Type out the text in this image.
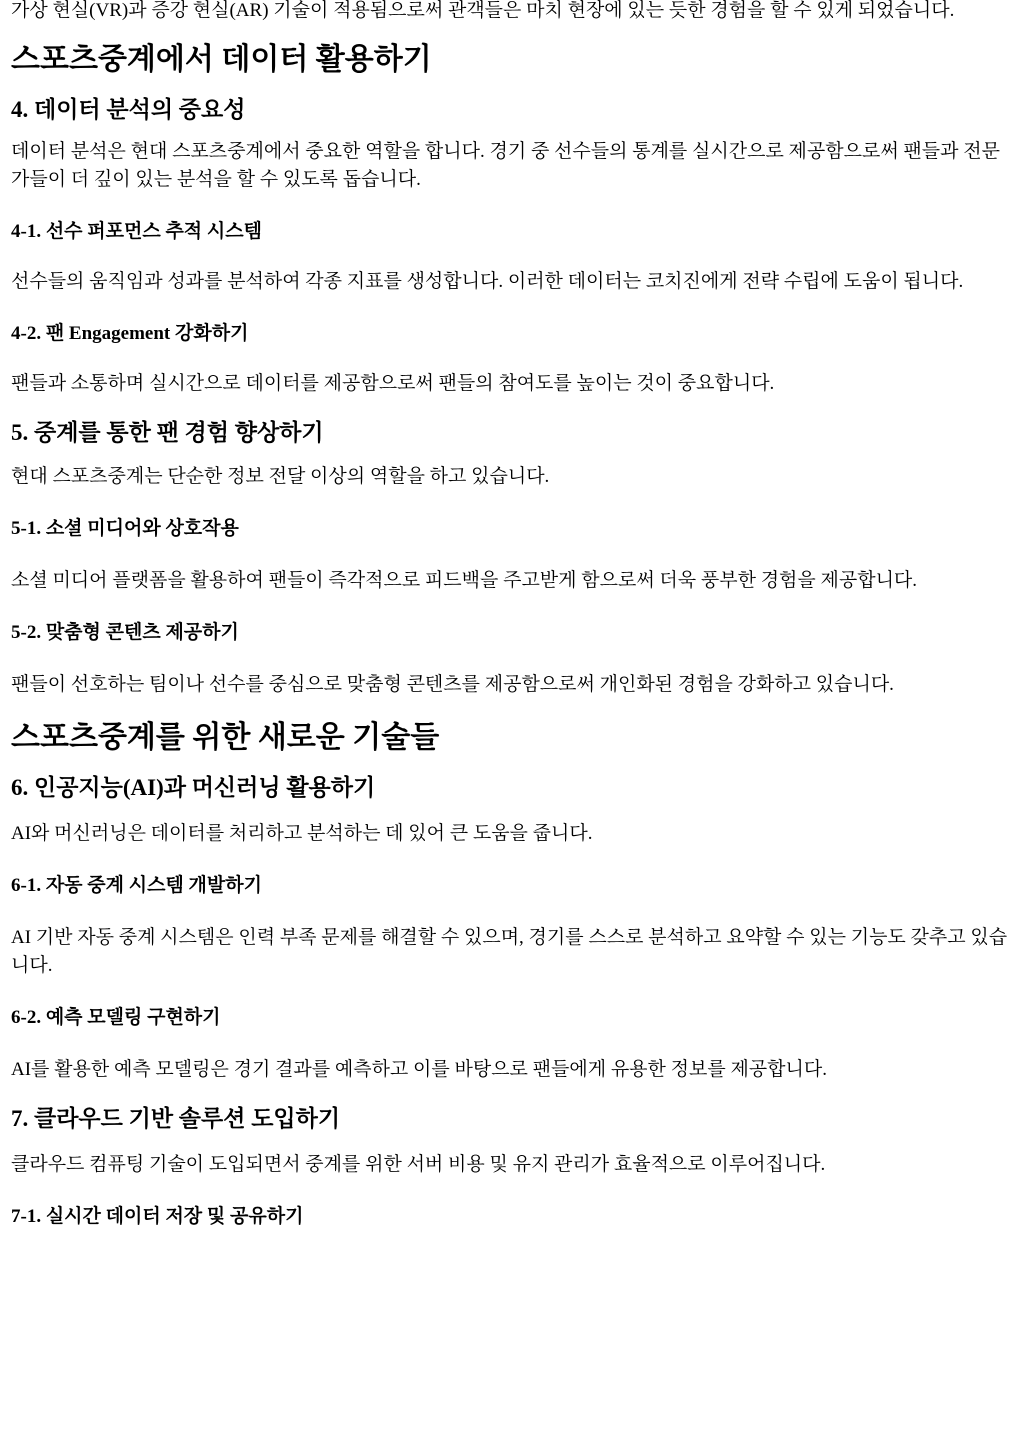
가상 현실(VR)과 증강 현실(AR) 기술이 적용됨으로써 관객들은 마치 현장에 있는 듯한 경험을 할 수 있게 되었습니다.

스포츠중계에서 데이터 활용하기
4. 데이터 분석의 중요성

데이터 분석은 현대 스포츠중계에서 중요한 역할을 합니다. 경기 중 선수들의 통계를 실시간으로 제공함으로써 팬들과 전문가들이 더 깊이 있는 분석을 할 수 있도록 돕습니다.

4-1. 선수 퍼포먼스 추적 시스템

선수들의 움직임과 성과를 분석하여 각종 지표를 생성합니다. 이러한 데이터는 코치진에게 전략 수립에 도움이 됩니다.

4-2. 팬 Engagement 강화하기

팬들과 소통하며 실시간으로 데이터를 제공함으로써 팬들의 참여도를 높이는 것이 중요합니다.

5. 중계를 통한 팬 경험 향상하기

현대 스포츠중계는 단순한 정보 전달 이상의 역할을 하고 있습니다.

5-1. 소셜 미디어와 상호작용

소셜 미디어 플랫폼을 활용하여 팬들이 즉각적으로 피드백을 주고받게 함으로써 더욱 풍부한 경험을 제공합니다.

5-2. 맞춤형 콘텐츠 제공하기

팬들이 선호하는 팀이나 선수를 중심으로 맞춤형 콘텐츠를 제공함으로써 개인화된 경험을 강화하고 있습니다.

스포츠중계를 위한 새로운 기술들
6. 인공지능(AI)과 머신러닝 활용하기

AI와 머신러닝은 데이터를 처리하고 분석하는 데 있어 큰 도움을 줍니다.

6-1. 자동 중계 시스템 개발하기

AI 기반 자동 중계 시스템은 인력 부족 문제를 해결할 수 있으며, 경기를 스스로 분석하고 요약할 수 있는 기능도 갖추고 있습니다.

6-2. 예측 모델링 구현하기

AI를 활용한 예측 모델링은 경기 결과를 예측하고 이를 바탕으로 팬들에게 유용한 정보를 제공합니다.

7. 클라우드 기반 솔루션 도입하기

클라우드 컴퓨팅 기술이 도입되면서 중계를 위한 서버 비용 및 유지 관리가 효율적으로 이루어집니다.

7-1. 실시간 데이터 저장 및 공유하기
